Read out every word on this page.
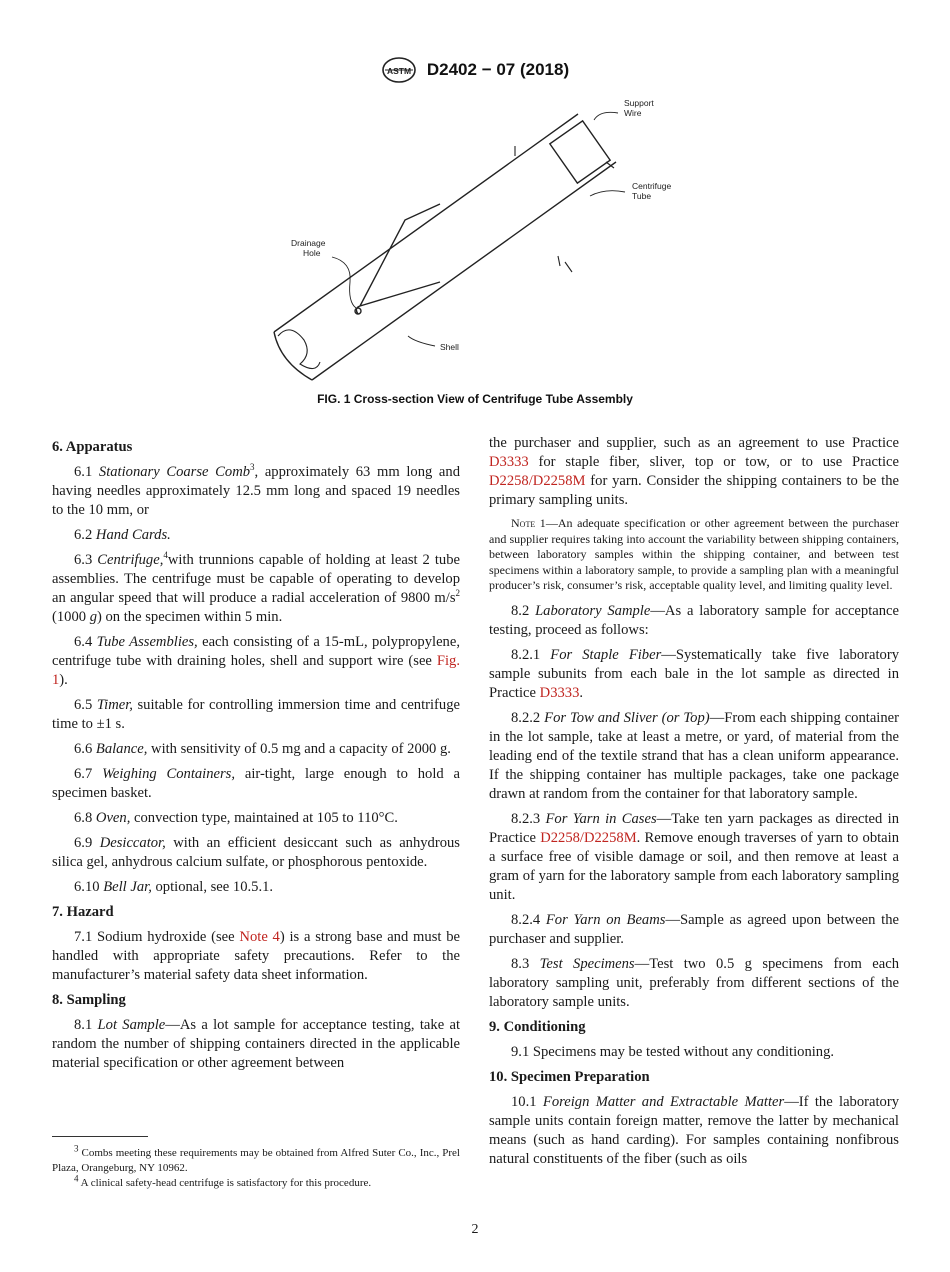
ASTM D2402 − 07 (2018)
Support
Wire
Centrifuge
Tube
Drainage
Hole
Shell
FIG. 1 Cross-section View of Centrifuge Tube Assembly
6. Apparatus

6.1 Stationary Coarse Comb$^3$, approximately 63 mm long and having needles approximately 12.5 mm long and spaced 19 needles to the 10 mm, or

6.2 Hand Cards.

6.3 Centrifuge,$^4$with trunnions capable of holding at least 2 tube assemblies. The centrifuge must be capable of operating to develop an angular speed that will produce a radial acceleration of 9800 $m/s^2$ (1000 g) on the specimen within 5 min.

6.4 Tube Assemblies, each consisting of a 15-mL, polypropylene, centrifuge tube with draining holes, shell and support wire (see Fig. 1).

6.5 Timer, suitable for controlling immersion time and centrifuge time to ±1 s.

6.6 Balance, with sensitivity of 0.5 mg and a capacity of 2000 g.

6.7 Weighing Containers, air-tight, large enough to hold a specimen basket.

6.8 Oven, convection type, maintained at 105 to 110°C.

6.9 Desiccator, with an efficient desiccant such as anhydrous silica gel, anhydrous calcium sulfate, or phosphorous pentoxide.

6.10 Bell Jar, optional, see 10.5.1.

7. Hazard

7.1 Sodium hydroxide (see Note 4) is a strong base and must be handled with appropriate safety precautions. Refer to the manufacturer’s material safety data sheet information.

8. Sampling

8.1 Lot Sample—As a lot sample for acceptance testing, take at random the number of shipping containers directed in the applicable material specification or other agreement between

$^3$ Combs meeting these requirements may be obtained from Alfred Suter Co., Inc., Prel Plaza, Orangeburg, NY 10962.

$^4$ A clinical safety-head centrifuge is satisfactory for this procedure.

the purchaser and supplier, such as an agreement to use Practice D3333 for staple fiber, sliver, top or tow, or to use Practice D2258/D2258M for yarn. Consider the shipping containers to be the primary sampling units.

Note 1—An adequate specification or other agreement between the purchaser and supplier requires taking into account the variability between shipping containers, between laboratory samples within the shipping container, and between test specimens within a laboratory sample, to provide a sampling plan with a meaningful producer’s risk, consumer’s risk, acceptable quality level, and limiting quality level.

8.2 Laboratory Sample—As a laboratory sample for acceptance testing, proceed as follows:

8.2.1 For Staple Fiber—Systematically take five laboratory sample subunits from each bale in the lot sample as directed in Practice D3333.

8.2.2 For Tow and Sliver (or Top)—From each shipping container in the lot sample, take at least a metre, or yard, of material from the leading end of the textile strand that has a clean uniform appearance. If the shipping container has multiple packages, take one package drawn at random from the container for that laboratory sample.

8.2.3 For Yarn in Cases—Take ten yarn packages as directed in Practice D2258/D2258M. Remove enough traverses of yarn to obtain a surface free of visible damage or soil, and then remove at least a gram of yarn for the laboratory sample from each laboratory sampling unit.

8.2.4 For Yarn on Beams—Sample as agreed upon between the purchaser and supplier.

8.3 Test Specimens—Test two 0.5 g specimens from each laboratory sampling unit, preferably from different sections of the laboratory sample units.

9. Conditioning

9.1 Specimens may be tested without any conditioning.

10. Specimen Preparation

10.1 Foreign Matter and Extractable Matter—If the laboratory sample units contain foreign matter, remove the latter by mechanical means (such as hand carding). For samples containing nonfibrous natural constituents of the fiber (such as oils

2
